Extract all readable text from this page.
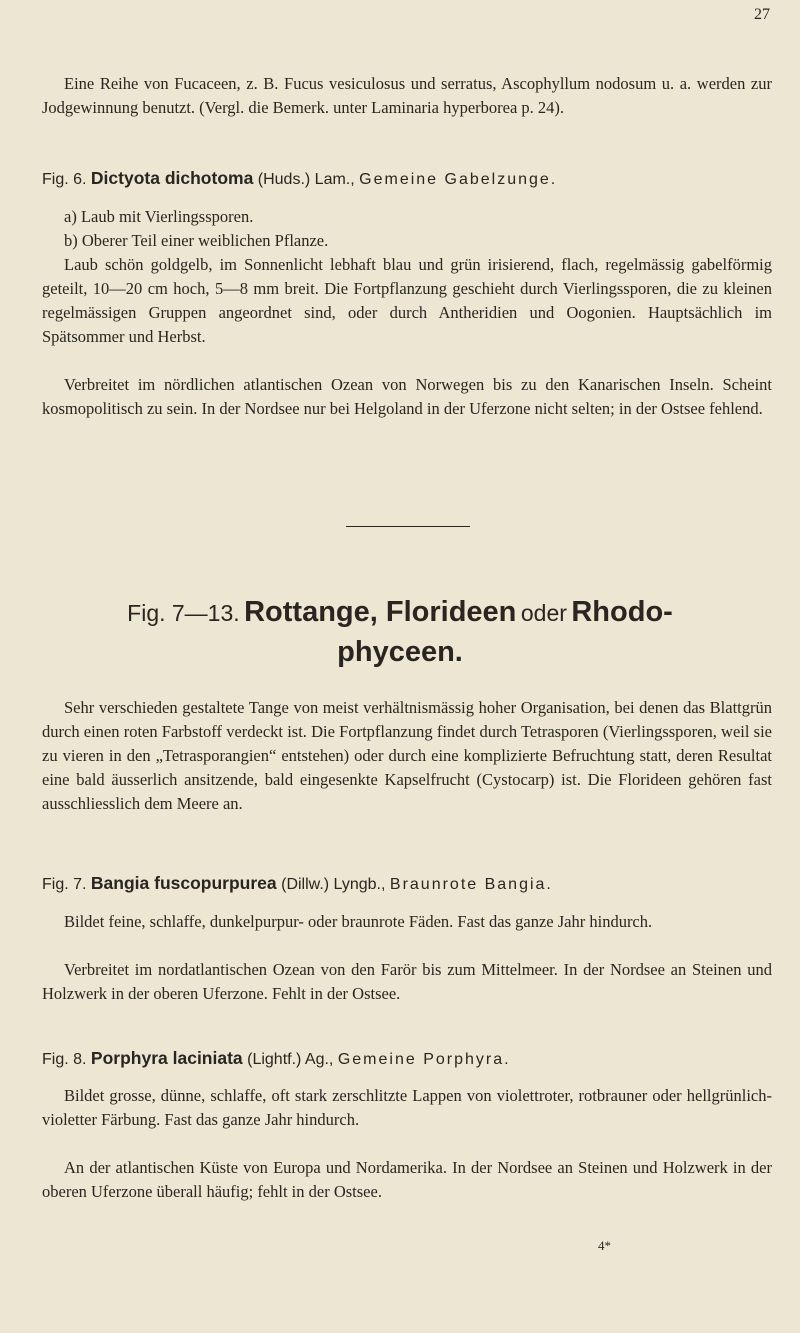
27

Eine Reihe von Fucaceen, z. B. Fucus vesiculosus und serratus, Ascophyllum nodosum u. a. werden zur Jodgewinnung benutzt. (Vergl. die Bemerk. unter Laminaria hyperborea p. 24).

Fig. 6. Dictyota dichotoma (Huds.) Lam., Gemeine Gabelzunge.

a) Laub mit Vierlingssporen.

b) Oberer Teil einer weiblichen Pflanze.

Laub schön goldgelb, im Sonnenlicht lebhaft blau und grün irisierend, flach, regelmässig gabelförmig geteilt, 10—20 cm hoch, 5—8 mm breit. Die Fortpflanzung geschieht durch Vierlingssporen, die zu kleinen regelmässigen Gruppen angeordnet sind, oder durch Antheridien und Oogonien. Hauptsächlich im Spätsommer und Herbst.

Verbreitet im nördlichen atlantischen Ozean von Norwegen bis zu den Kanarischen Inseln. Scheint kosmopolitisch zu sein. In der Nordsee nur bei Helgoland in der Uferzone nicht selten; in der Ostsee fehlend.

Fig. 7—13. Rottange, Florideen oder Rhodo-
phyceen.

Sehr verschieden gestaltete Tange von meist verhältnismässig hoher Organisation, bei denen das Blattgrün durch einen roten Farbstoff verdeckt ist. Die Fortpflanzung findet durch Tetrasporen (Vierlingssporen, weil sie zu vieren in den „Tetrasporangien“ entstehen) oder durch eine komplizierte Befruchtung statt, deren Resultat eine bald äusserlich ansitzende, bald eingesenkte Kapselfrucht (Cystocarp) ist. Die Florideen gehören fast ausschliesslich dem Meere an.

Fig. 7. Bangia fuscopurpurea (Dillw.) Lyngb., Braunrote Bangia.

Bildet feine, schlaffe, dunkelpurpur- oder braunrote Fäden. Fast das ganze Jahr hindurch.

Verbreitet im nordatlantischen Ozean von den Farör bis zum Mittelmeer. In der Nordsee an Steinen und Holzwerk in der oberen Uferzone. Fehlt in der Ostsee.

Fig. 8. Porphyra laciniata (Lightf.) Ag., Gemeine Porphyra.

Bildet grosse, dünne, schlaffe, oft stark zerschlitzte Lappen von violettroter, rotbrauner oder hellgrünlich-violetter Färbung. Fast das ganze Jahr hindurch.

An der atlantischen Küste von Europa und Nordamerika. In der Nordsee an Steinen und Holzwerk in der oberen Uferzone überall häufig; fehlt in der Ostsee.

4*
